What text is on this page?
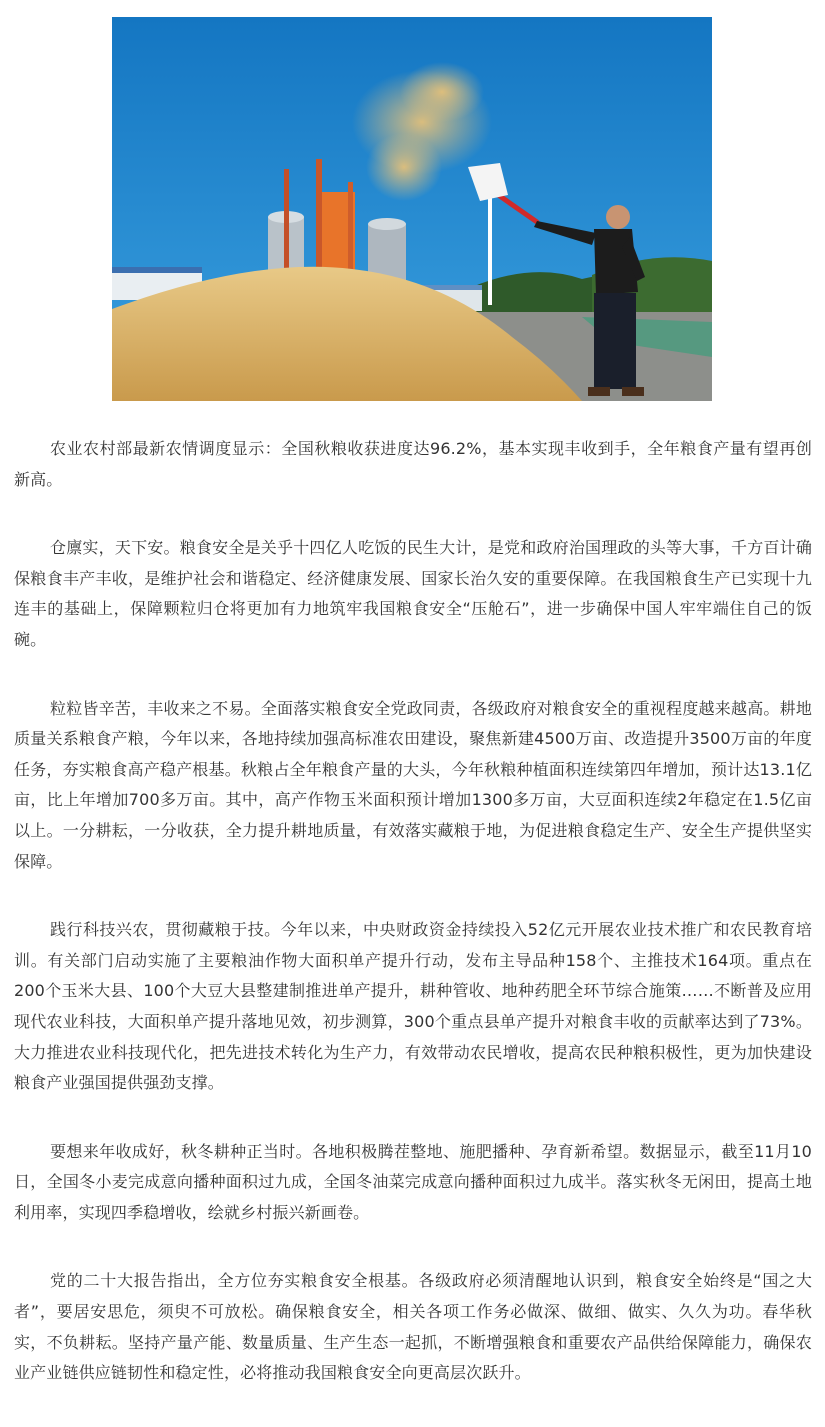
农业农村部最新农情调度显示：全国秋粮收获进度达96.2%，基本实现丰收到手，全年粮食产量有望再创新高。

仓廪实，天下安。粮食安全是关乎十四亿人吃饭的民生大计，是党和政府治国理政的头等大事，千方百计确保粮食丰产丰收，是维护社会和谐稳定、经济健康发展、国家长治久安的重要保障。在我国粮食生产已实现十九连丰的基础上，保障颗粒归仓将更加有力地筑牢我国粮食安全“压舱石”，进一步确保中国人牢牢端住自己的饭碗。

粒粒皆辛苦，丰收来之不易。全面落实粮食安全党政同责，各级政府对粮食安全的重视程度越来越高。耕地质量关系粮食产粮，今年以来，各地持续加强高标准农田建设，聚焦新建4500万亩、改造提升3500万亩的年度任务，夯实粮食高产稳产根基。秋粮占全年粮食产量的大头，今年秋粮种植面积连续第四年增加，预计达13.1亿亩，比上年增加700多万亩。其中，高产作物玉米面积预计增加1300多万亩，大豆面积连续2年稳定在1.5亿亩以上。一分耕耘，一分收获，全力提升耕地质量，有效落实藏粮于地，为促进粮食稳定生产、安全生产提供坚实保障。

践行科技兴农，贯彻藏粮于技。今年以来，中央财政资金持续投入52亿元开展农业技术推广和农民教育培训。有关部门启动实施了主要粮油作物大面积单产提升行动，发布主导品种158个、主推技术164项。重点在200个玉米大县、100个大豆大县整建制推进单产提升，耕种管收、地种药肥全环节综合施策……不断普及应用现代农业科技，大面积单产提升落地见效，初步测算，300个重点县单产提升对粮食丰收的贡献率达到了73%。大力推进农业科技现代化，把先进技术转化为生产力，有效带动农民增收，提高农民种粮积极性，更为加快建设粮食产业强国提供强劲支撑。

要想来年收成好，秋冬耕种正当时。各地积极腾茬整地、施肥播种、孕育新希望。数据显示，截至11月10日，全国冬小麦完成意向播种面积过九成，全国冬油菜完成意向播种面积过九成半。落实秋冬无闲田，提高土地利用率，实现四季稳增收，绘就乡村振兴新画卷。

党的二十大报告指出，全方位夯实粮食安全根基。各级政府必须清醒地认识到，粮食安全始终是“国之大者”，要居安思危，须臾不可放松。确保粮食安全，相关各项工作务必做深、做细、做实、久久为功。春华秋实，不负耕耘。坚持产量产能、数量质量、生产生态一起抓，不断增强粮食和重要农产品供给保障能力，确保农业产业链供应链韧性和稳定性，必将推动我国粮食安全向更高层次跃升。
